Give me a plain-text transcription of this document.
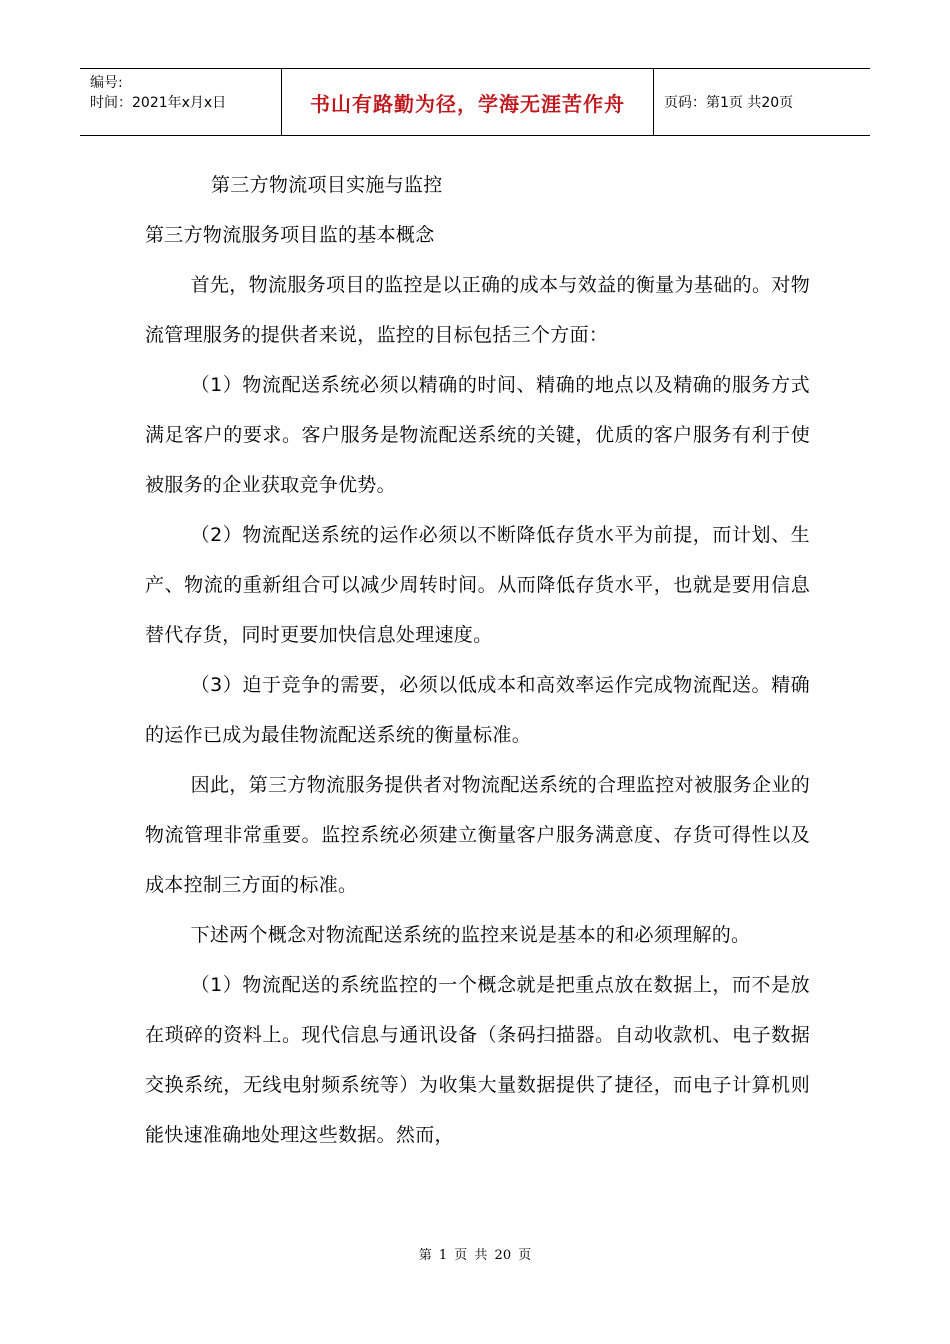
编号:
时间：2021年x月x日	书山有路勤为径，学海无涯苦作舟	页码：第1页 共20页

第三方物流项目实施与监控

第三方物流服务项目监的基本概念

首先，物流服务项目的监控是以正确的成本与效益的衡量为基础的。对物流管理服务的提供者来说，监控的目标包括三个方面：

（1）物流配送系统必须以精确的时间、精确的地点以及精确的服务方式满足客户的要求。客户服务是物流配送系统的关键，优质的客户服务有利于使被服务的企业获取竞争优势。

（2）物流配送系统的运作必须以不断降低存货水平为前提，而计划、生产、物流的重新组合可以减少周转时间。从而降低存货水平，也就是要用信息替代存货，同时更要加快信息处理速度。

（3）迫于竞争的需要，必须以低成本和高效率运作完成物流配送。精确的运作已成为最佳物流配送系统的衡量标准。

因此，第三方物流服务提供者对物流配送系统的合理监控对被服务企业的物流管理非常重要。监控系统必须建立衡量客户服务满意度、存货可得性以及成本控制三方面的标准。

下述两个概念对物流配送系统的监控来说是基本的和必须理解的。

（1）物流配送的系统监控的一个概念就是把重点放在数据上，而不是放在琐碎的资料上。现代信息与通讯设备（条码扫描器。自动收款机、电子数据交换系统，无线电射频系统等）为收集大量数据提供了捷径，而电子计算机则能快速准确地处理这些数据。然而，

第 1 页 共 20 页
